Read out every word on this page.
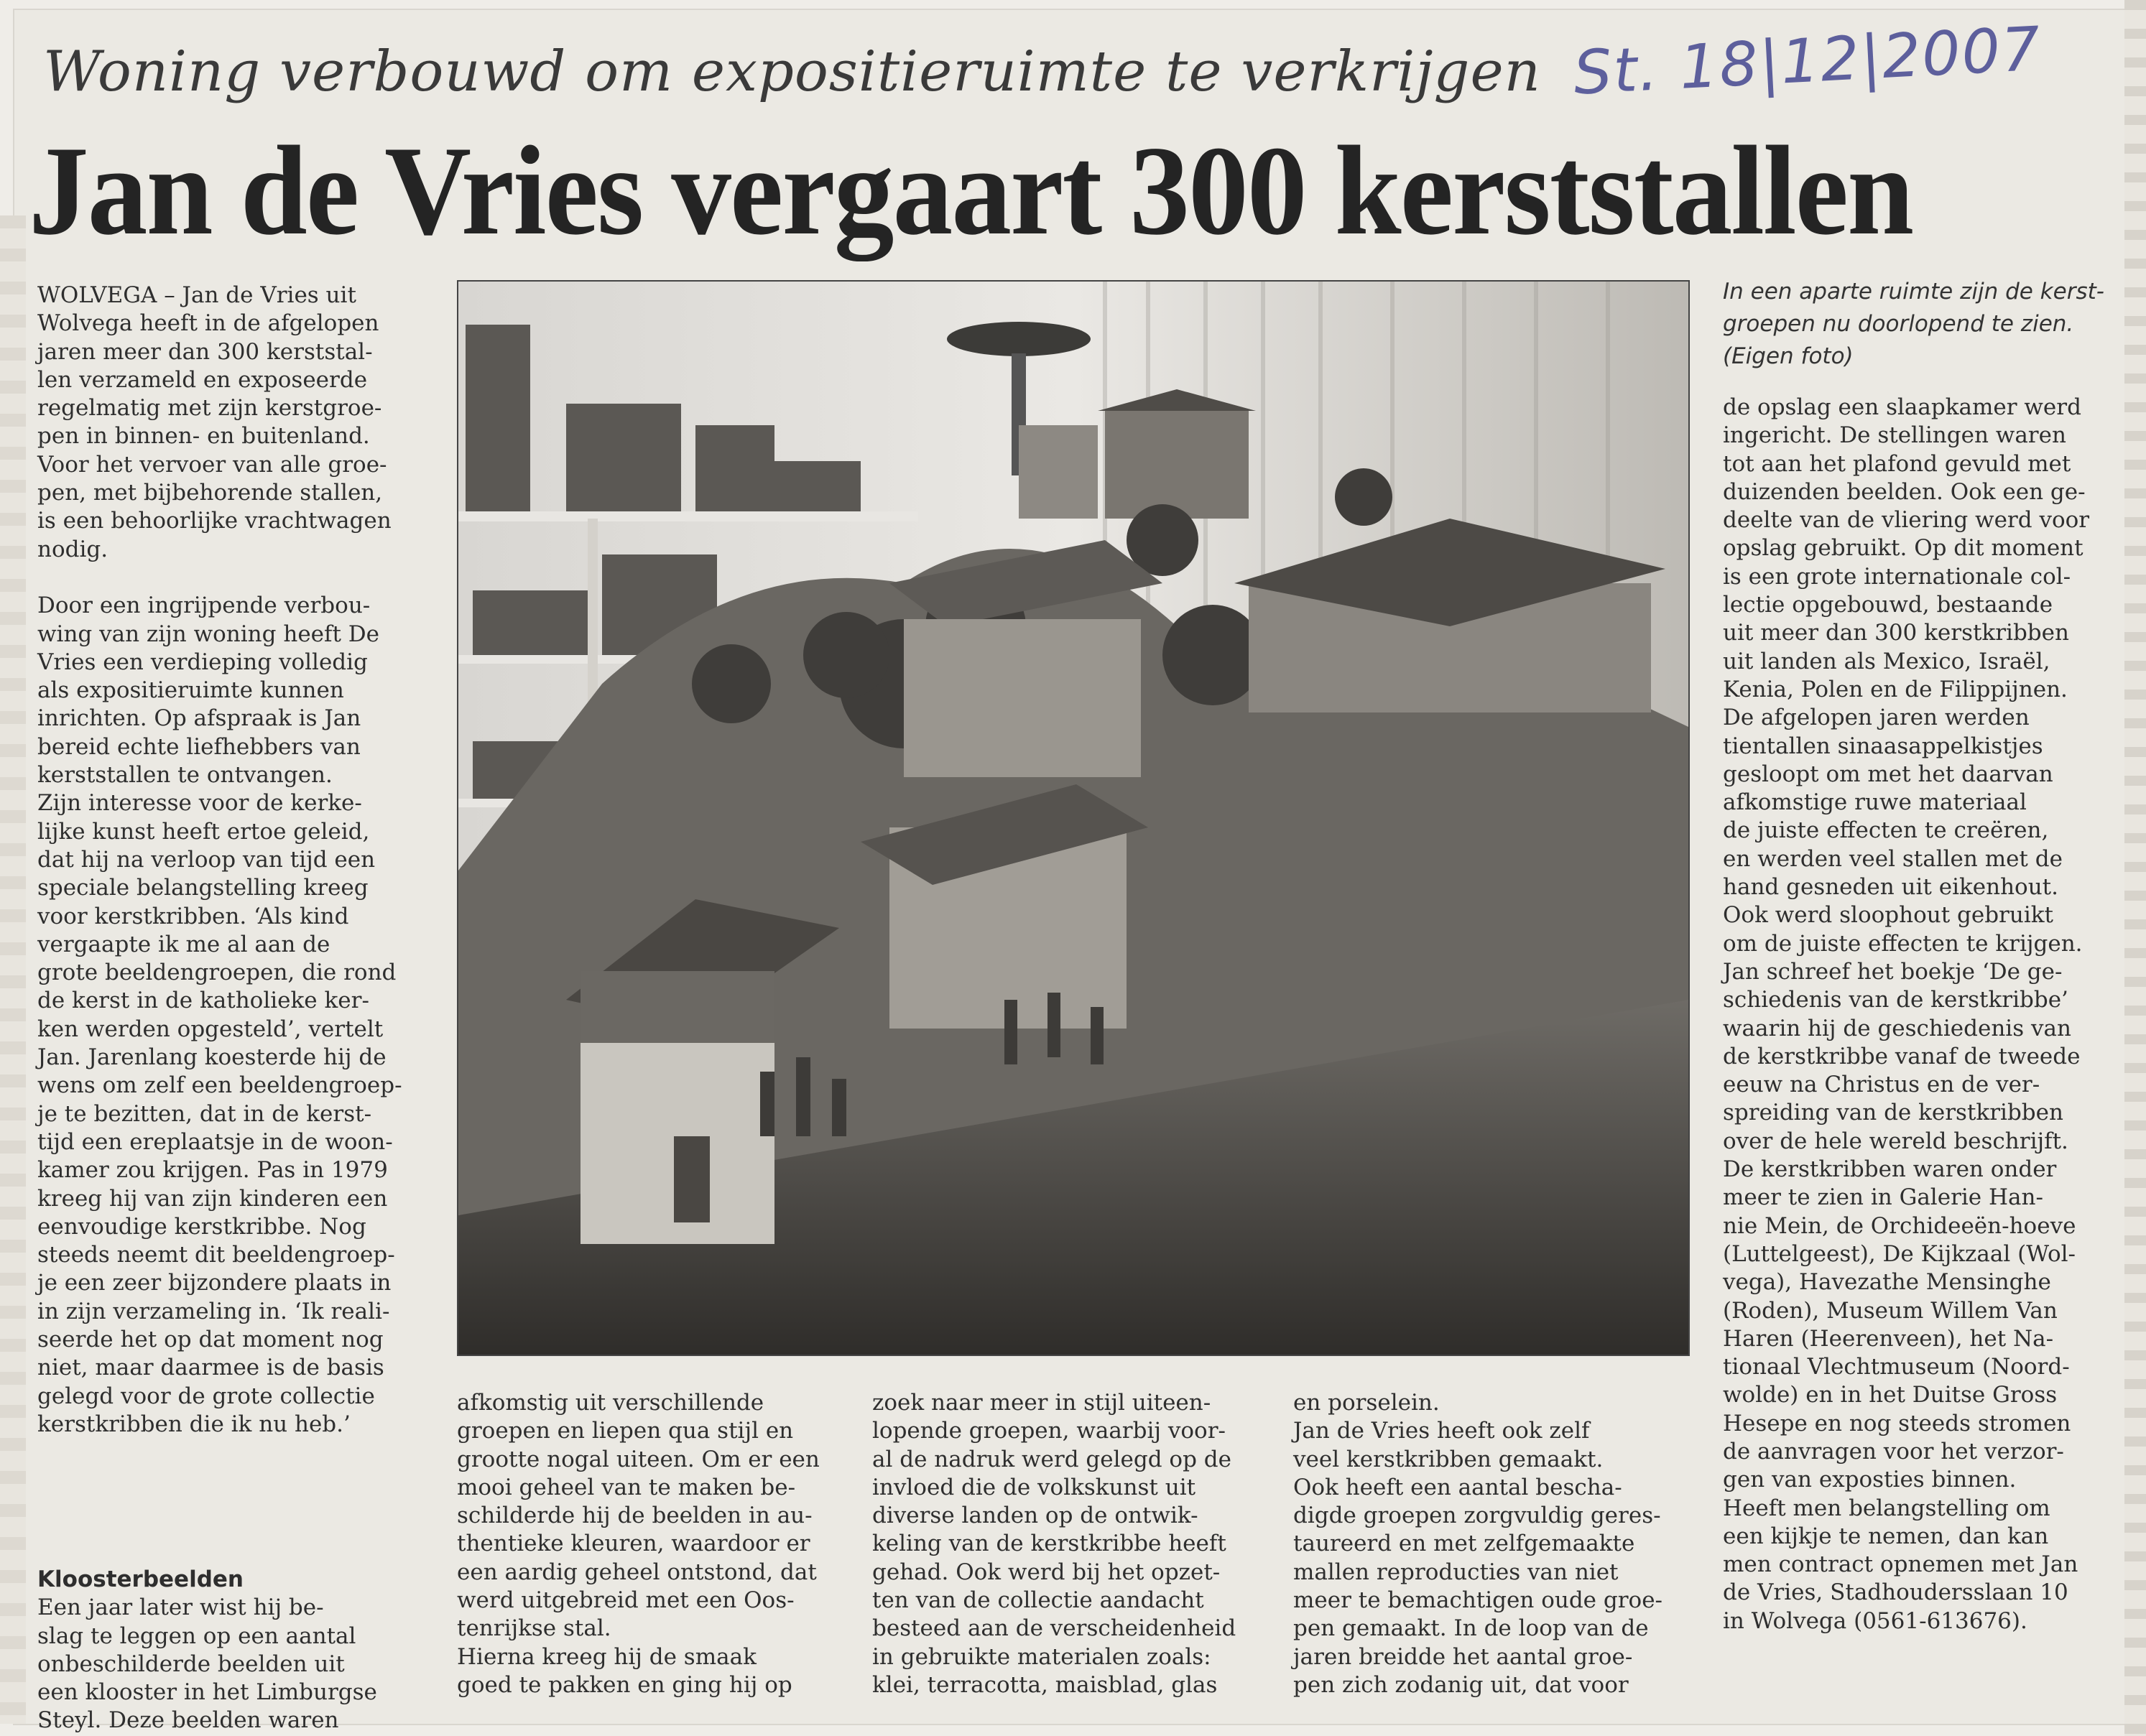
Woning verbouwd om expositieruimte te verkrijgen St. 18|12|2007
Jan de Vries vergaart 300 kerststallen
In een aparte ruimte zijn de kerst-
groepen nu doorlopend te zien.
(Eigen foto)
WOLVEGA – Jan de Vries uit
Wolvega heeft in de afgelopen
jaren meer dan 300 kerststal-
len verzameld en exposeerde
regelmatig met zijn kerstgroe-
pen in binnen- en buitenland.
Voor het vervoer van alle groe-
pen, met bijbehorende stallen,
is een behoorlijke vrachtwagen
nodig.

Door een ingrijpende verbou-
wing van zijn woning heeft De
Vries een verdieping volledig
als expositieruimte kunnen
inrichten. Op afspraak is Jan
bereid echte liefhebbers van
kerststallen te ontvangen.
Zijn interesse voor de kerke-
lijke kunst heeft ertoe geleid,
dat hij na verloop van tijd een
speciale belangstelling kreeg
voor kerstkribben. ‘Als kind
vergaapte ik me al aan de
grote beeldengroepen, die rond
de kerst in de katholieke ker-
ken werden opgesteld’, vertelt
Jan. Jarenlang koesterde hij de
wens om zelf een beeldengroep-
je te bezitten, dat in de kerst-
tijd een ereplaatsje in de woon-
kamer zou krijgen. Pas in 1979
kreeg hij van zijn kinderen een
eenvoudige kerstkribbe. Nog
steeds neemt dit beeldengroep-
je een zeer bijzondere plaats in
in zijn verzameling in. ‘Ik reali-
seerde het op dat moment nog
niet, maar daarmee is de basis
gelegd voor de grote collectie
kerstkribben die ik nu heb.’

Kloosterbeelden
Een jaar later wist hij be-
slag te leggen op een aantal
onbeschilderde beelden uit
een klooster in het Limburgse
Steyl. Deze beelden waren

afkomstig uit verschillende
groepen en liepen qua stijl en
grootte nogal uiteen. Om er een
mooi geheel van te maken be-
schilderde hij de beelden in au-
thentieke kleuren, waardoor er
een aardig geheel ontstond, dat
werd uitgebreid met een Oos-
tenrijkse stal.
Hierna kreeg hij de smaak
goed te pakken en ging hij op
zoek naar meer in stijl uiteen-
lopende groepen, waarbij voor-
al de nadruk werd gelegd op de
invloed die de volkskunst uit
diverse landen op de ontwik-
keling van de kerstkribbe heeft
gehad. Ook werd bij het opzet-
ten van de collectie aandacht
besteed aan de verscheidenheid
in gebruikte materialen zoals:
klei, terracotta, maisblad, glas
en porselein.
Jan de Vries heeft ook zelf
veel kerstkribben gemaakt.
Ook heeft een aantal bescha-
digde groepen zorgvuldig geres-
taureerd en met zelfgemaakte
mallen reproducties van niet
meer te bemachtigen oude groe-
pen gemaakt. In de loop van de
jaren breidde het aantal groe-
pen zich zodanig uit, dat voor
de opslag een slaapkamer werd
ingericht. De stellingen waren
tot aan het plafond gevuld met
duizenden beelden. Ook een ge-
deelte van de vliering werd voor
opslag gebruikt. Op dit moment
is een grote internationale col-
lectie opgebouwd, bestaande
uit meer dan 300 kerstkribben
uit landen als Mexico, Israël,
Kenia, Polen en de Filippijnen.
De afgelopen jaren werden
tientallen sinaasappelkistjes
gesloopt om met het daarvan
afkomstige ruwe materiaal
de juiste effecten te creëren,
en werden veel stallen met de
hand gesneden uit eikenhout.
Ook werd sloophout gebruikt
om de juiste effecten te krijgen.
Jan schreef het boekje ‘De ge-
schiedenis van de kerstkribbe’
waarin hij de geschiedenis van
de kerstkribbe vanaf de tweede
eeuw na Christus en de ver-
spreiding van de kerstkribben
over de hele wereld beschrijft.
De kerstkribben waren onder
meer te zien in Galerie Han-
nie Mein, de Orchideeën-hoeve
(Luttelgeest), De Kijkzaal (Wol-
vega), Havezathe Mensinghe
(Roden), Museum Willem Van
Haren (Heerenveen), het Na-
tionaal Vlechtmuseum (Noord-
wolde) en in het Duitse Gross
Hesepe en nog steeds stromen
de aanvragen voor het verzor-
gen van exposties binnen.
Heeft men belangstelling om
een kijkje te nemen, dan kan
men contract opnemen met Jan
de Vries, Stadhoudersslaan 10
in Wolvega (0561-613676).
